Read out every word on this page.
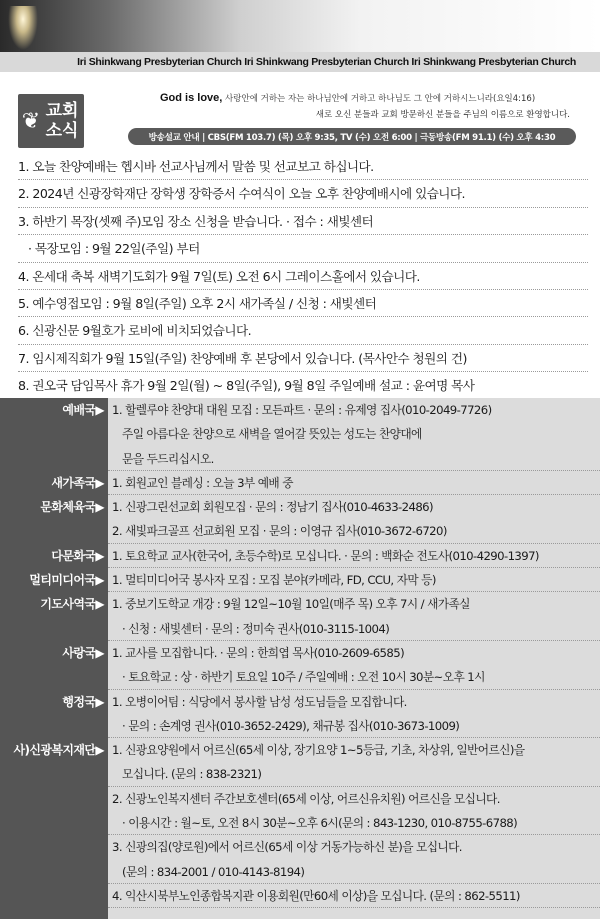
Iri Shinkwang Presbyterian Church Iri Shinkwang Presbyterian Church Iri Shinkwang Presbyterian Church
❦ 교회
소식
God is love, 사랑안에 거하는 자는 하나님안에 거하고 하나님도 그 안에 거하시느니라(요일4:16)
새로 오신 분들과 교회 방문하신 분들을 주님의 이름으로 환영합니다.
방송설교 안내 | CBS(FM 103.7) (목) 오후 9:35, TV (수) 오전 6:00 | 극동방송(FM 91.1) (수) 오후 4:30
1. 오늘 찬양예배는 헵시바 선교사님께서 말씀 및 선교보고 하십니다.
2. 2024년 신광장학재단 장학생 장학증서 수여식이 오늘 오후 찬양예배시에 있습니다.
3. 하반기 목장(셋째 주)모임 장소 신청을 받습니다. · 접수 : 새빛센터
· 목장모임 : 9월 22일(주일) 부터
4. 온세대 축복 새벽기도회가 9월 7일(토) 오전 6시 그레이스홀에서 있습니다.
5. 예수영접모임 : 9월 8일(주일) 오후 2시 새가족실 / 신청 : 새빛센터
6. 신광신문 9월호가 로비에 비치되었습니다.
7. 임시제직회가 9월 15일(주일) 찬양예배 후 본당에서 있습니다. (목사안수 청원의 건)
8. 권오국 담임목사 휴가 9월 2일(월) ~ 8일(주일), 9월 8일 주일예배 설교 : 윤여명 목사
예배국▶ 1. 할렐루야 찬양대 대원 모집 : 모든파트 · 문의 : 유제영 집사(010-2049-7726)
주일 아름다운 찬양으로 새벽을 열어갈 뜻있는 성도는 찬양대에
문을 두드리십시오.
새가족국▶ 1. 회원교인 블레싱 : 오늘 3부 예배 중
문화체육국▶ 1. 신광그린선교회 회원모집 · 문의 : 정남기 집사(010-4633-2486)
2. 새빛파크골프 선교회원 모집 · 문의 : 이영규 집사(010-3672-6720)
다문화국▶ 1. 토요학교 교사(한국어, 초등수학)로 모십니다. · 문의 : 백화순 전도사(010-4290-1397)
멀티미디어국▶ 1. 멀티미디어국 봉사자 모집 : 모집 분야(카메라, FD, CCU, 자막 등)
기도사역국▶ 1. 중보기도학교 개강 : 9월 12일~10월 10일(매주 목) 오후 7시 / 새가족실
· 신청 : 새빛센터 · 문의 : 정미숙 권사(010-3115-1004)
사랑국▶ 1. 교사를 모집합니다. · 문의 : 한희엽 목사(010-2609-6585)
· 토요학교 : 상 · 하반기 토요일 10주 / 주일예배 : 오전 10시 30분~오후 1시
행정국▶ 1. 오병이어팀 : 식당에서 봉사할 남성 성도님들을 모집합니다.
· 문의 : 손계영 권사(010-3652-2429), 채규봉 집사(010-3673-1009)
사)신광복지재단▶ 1. 신광요양원에서 어르신(65세 이상, 장기요양 1~5등급, 기초, 차상위, 일반어르신)을
모십니다. (문의 : 838-2321)
2. 신광노인복지센터 주간보호센터(65세 이상, 어르신유치원) 어르신을 모십니다.
· 이용시간 : 월~토, 오전 8시 30분~오후 6시(문의 : 843-1230, 010-8755-6788)
3. 신광의집(양로원)에서 어르신(65세 이상 거동가능하신 분)을 모십니다.
(문의 : 834-2001 / 010-4143-8194)
4. 익산시북부노인종합복지관 이용회원(만60세 이상)을 모십니다. (문의 : 862-5511)
